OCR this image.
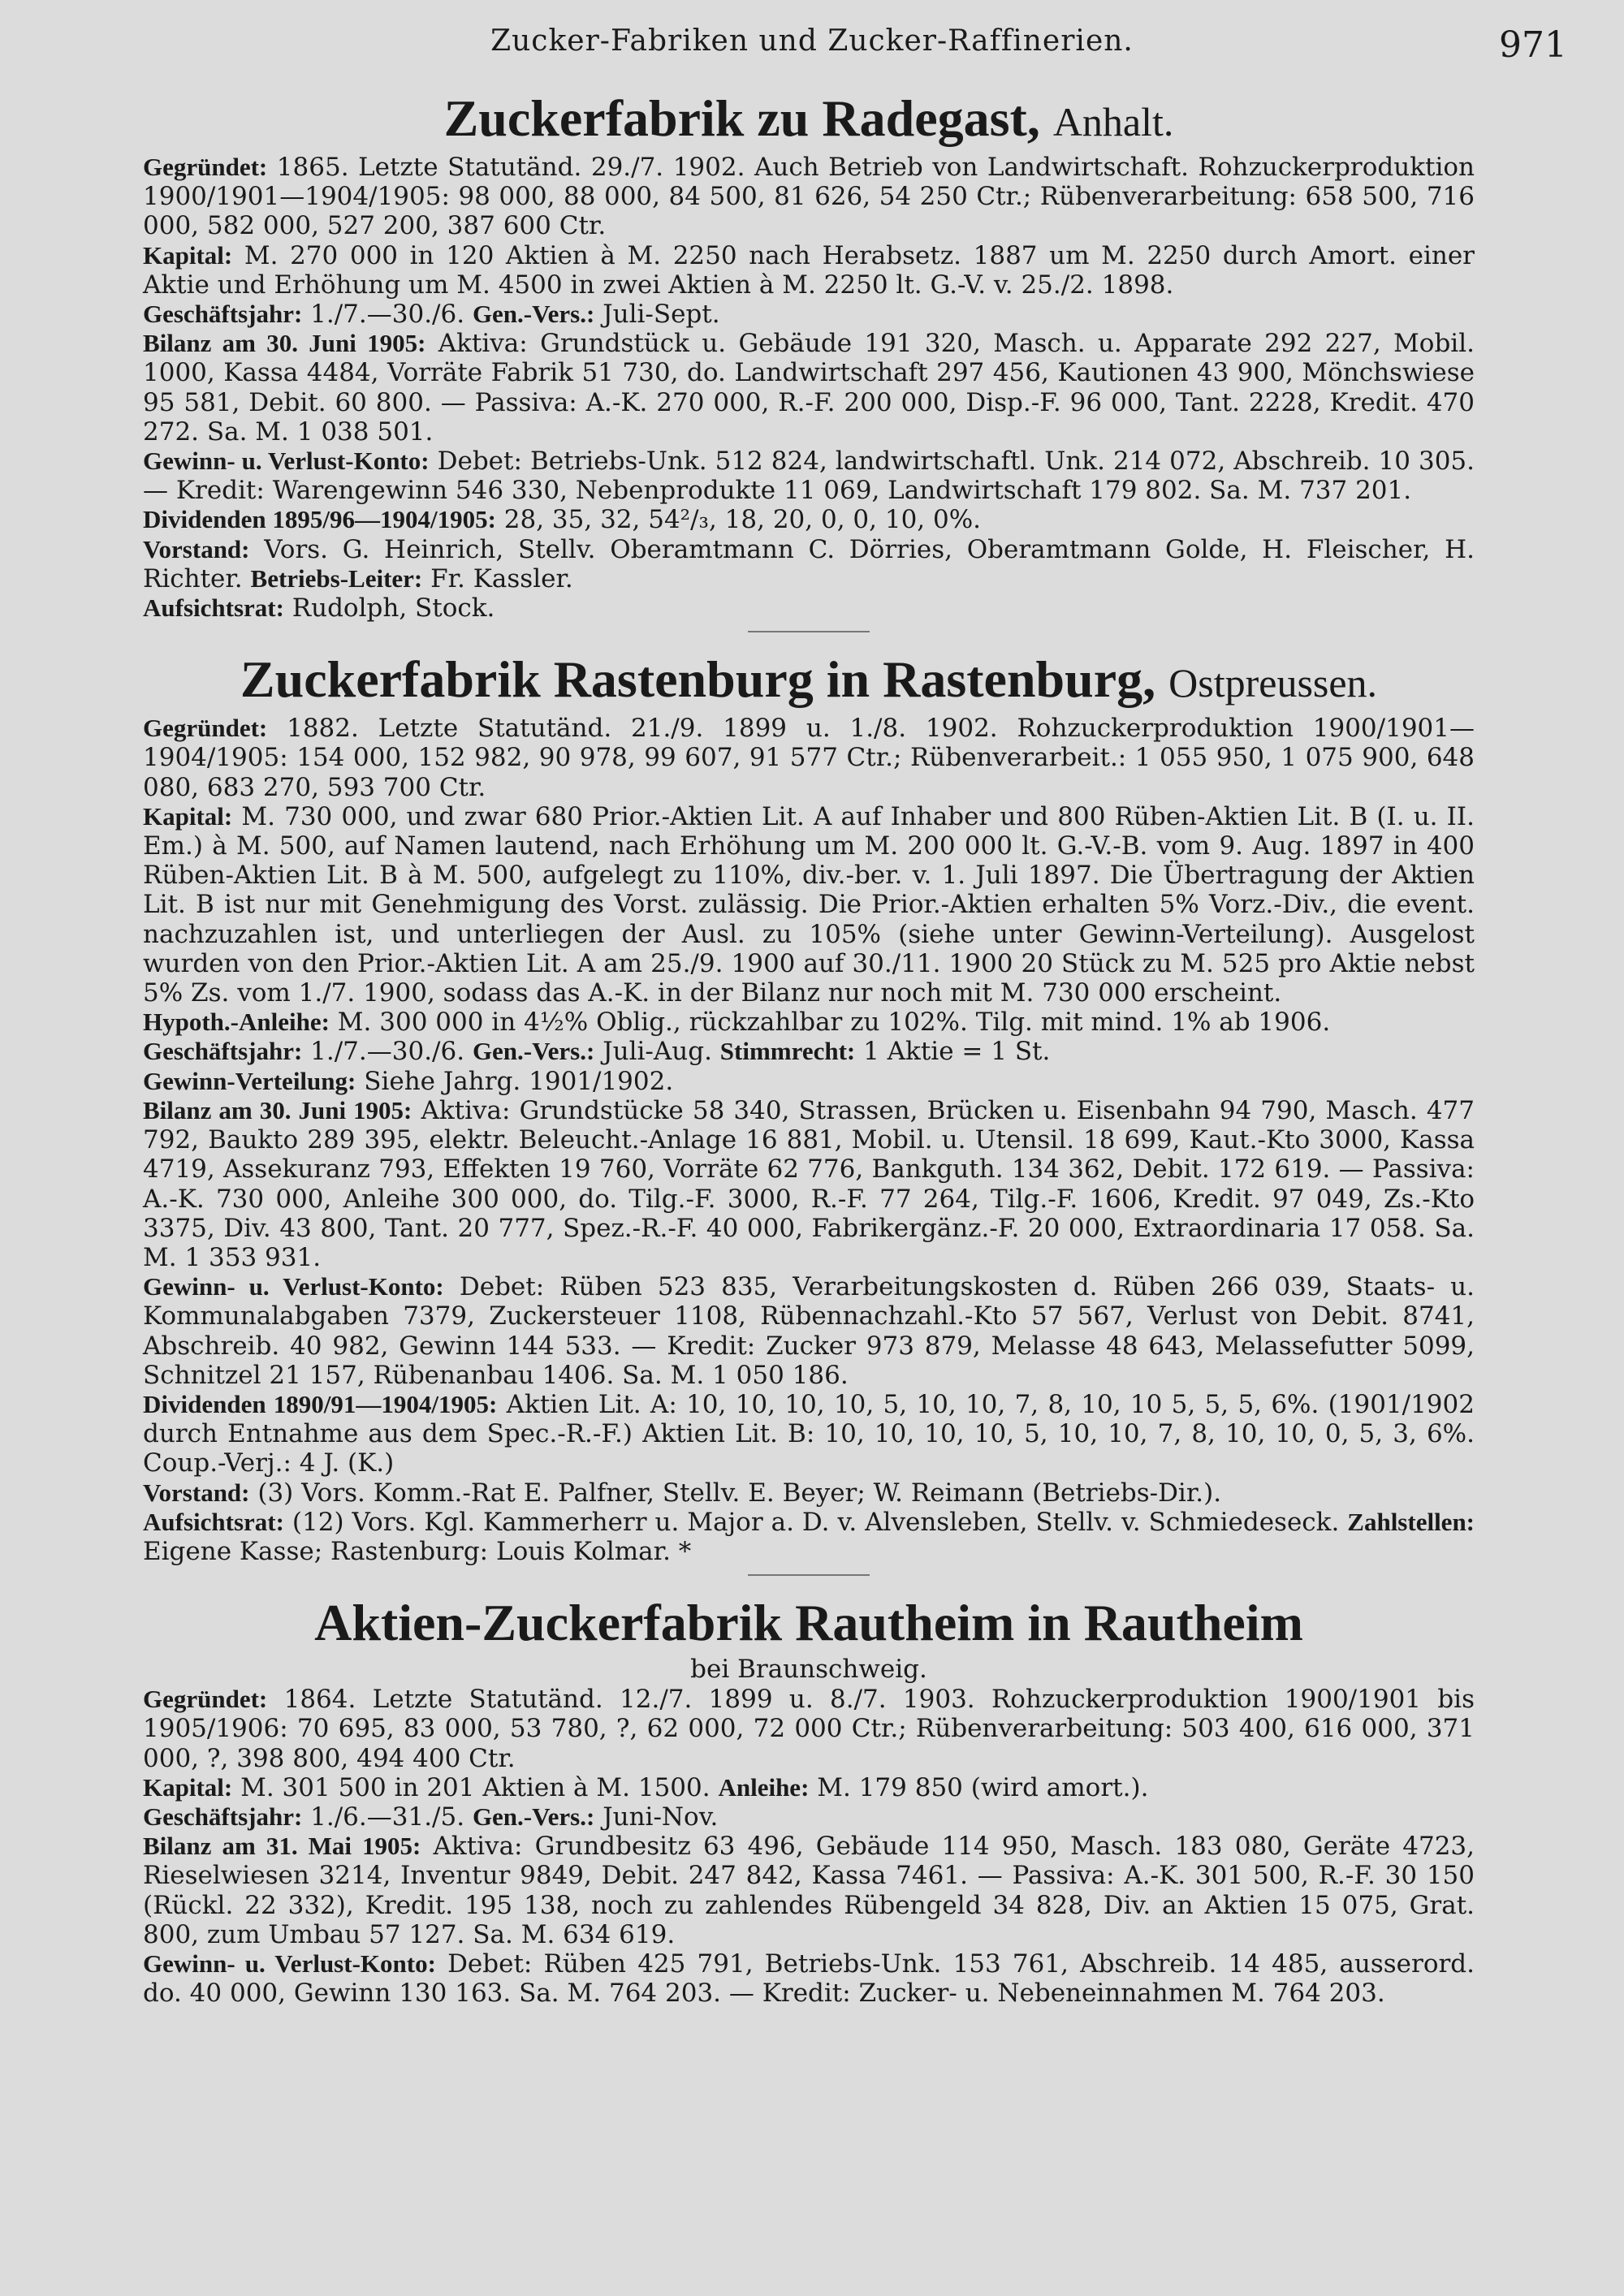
Zucker-Fabriken und Zucker-Raffinerien.	971
Zuckerfabrik zu Radegast, Anhalt.

Gegründet: 1865. Letzte Statutänd. 29./7. 1902. Auch Betrieb von Landwirtschaft. Rohzuckerproduktion 1900/1901—1904/1905: 98 000, 88 000, 84 500, 81 626, 54 250 Ctr.; Rübenverarbeitung: 658 500, 716 000, 582 000, 527 200, 387 600 Ctr.

Kapital: M. 270 000 in 120 Aktien à M. 2250 nach Herabsetz. 1887 um M. 2250 durch Amort. einer Aktie und Erhöhung um M. 4500 in zwei Aktien à M. 2250 lt. G.-V. v. 25./2. 1898.

Geschäftsjahr: 1./7.—30./6. Gen.-Vers.: Juli-Sept.

Bilanz am 30. Juni 1905: Aktiva: Grundstück u. Gebäude 191 320, Masch. u. Apparate 292 227, Mobil. 1000, Kassa 4484, Vorräte Fabrik 51 730, do. Landwirtschaft 297 456, Kautionen 43 900, Mönchswiese 95 581, Debit. 60 800. — Passiva: A.-K. 270 000, R.-F. 200 000, Disp.-F. 96 000, Tant. 2228, Kredit. 470 272. Sa. M. 1 038 501.

Gewinn- u. Verlust-Konto: Debet: Betriebs-Unk. 512 824, landwirtschaftl. Unk. 214 072, Abschreib. 10 305. — Kredit: Warengewinn 546 330, Nebenprodukte 11 069, Landwirtschaft 179 802. Sa. M. 737 201.

Dividenden 1895/96—1904/1905: 28, 35, 32, 54²/₃, 18, 20, 0, 0, 10, 0%.

Vorstand: Vors. G. Heinrich, Stellv. Oberamtmann C. Dörries, Oberamtmann Golde, H. Fleischer, H. Richter. Betriebs-Leiter: Fr. Kassler.

Aufsichtsrat: Rudolph, Stock.

Zuckerfabrik Rastenburg in Rastenburg, Ostpreussen.

Gegründet: 1882. Letzte Statutänd. 21./9. 1899 u. 1./8. 1902. Rohzuckerproduktion 1900/1901—1904/1905: 154 000, 152 982, 90 978, 99 607, 91 577 Ctr.; Rübenverarbeit.: 1 055 950, 1 075 900, 648 080, 683 270, 593 700 Ctr.

Kapital: M. 730 000, und zwar 680 Prior.-Aktien Lit. A auf Inhaber und 800 Rüben-Aktien Lit. B (I. u. II. Em.) à M. 500, auf Namen lautend, nach Erhöhung um M. 200 000 lt. G.-V.-B. vom 9. Aug. 1897 in 400 Rüben-Aktien Lit. B à M. 500, aufgelegt zu 110%, div.-ber. v. 1. Juli 1897. Die Übertragung der Aktien Lit. B ist nur mit Genehmigung des Vorst. zulässig. Die Prior.-Aktien erhalten 5% Vorz.-Div., die event. nachzuzahlen ist, und unterliegen der Ausl. zu 105% (siehe unter Gewinn-Verteilung). Ausgelost wurden von den Prior.-Aktien Lit. A am 25./9. 1900 auf 30./11. 1900 20 Stück zu M. 525 pro Aktie nebst 5% Zs. vom 1./7. 1900, sodass das A.-K. in der Bilanz nur noch mit M. 730 000 erscheint.

Hypoth.-Anleihe: M. 300 000 in 4½% Oblig., rückzahlbar zu 102%. Tilg. mit mind. 1% ab 1906.

Geschäftsjahr: 1./7.—30./6. Gen.-Vers.: Juli-Aug. Stimmrecht: 1 Aktie = 1 St.

Gewinn-Verteilung: Siehe Jahrg. 1901/1902.

Bilanz am 30. Juni 1905: Aktiva: Grundstücke 58 340, Strassen, Brücken u. Eisenbahn 94 790, Masch. 477 792, Baukto 289 395, elektr. Beleucht.-Anlage 16 881, Mobil. u. Utensil. 18 699, Kaut.-Kto 3000, Kassa 4719, Assekuranz 793, Effekten 19 760, Vorräte 62 776, Bankguth. 134 362, Debit. 172 619. — Passiva: A.-K. 730 000, Anleihe 300 000, do. Tilg.-F. 3000, R.-F. 77 264, Tilg.-F. 1606, Kredit. 97 049, Zs.-Kto 3375, Div. 43 800, Tant. 20 777, Spez.-R.-F. 40 000, Fabrikergänz.-F. 20 000, Extraordinaria 17 058. Sa. M. 1 353 931.

Gewinn- u. Verlust-Konto: Debet: Rüben 523 835, Verarbeitungskosten d. Rüben 266 039, Staats- u. Kommunalabgaben 7379, Zuckersteuer 1108, Rübennachzahl.-Kto 57 567, Verlust von Debit. 8741, Abschreib. 40 982, Gewinn 144 533. — Kredit: Zucker 973 879, Melasse 48 643, Melassefutter 5099, Schnitzel 21 157, Rübenanbau 1406. Sa. M. 1 050 186.

Dividenden 1890/91—1904/1905: Aktien Lit. A: 10, 10, 10, 10, 5, 10, 10, 7, 8, 10, 10 5, 5, 5, 6%. (1901/1902 durch Entnahme aus dem Spec.-R.-F.) Aktien Lit. B: 10, 10, 10, 10, 5, 10, 10, 7, 8, 10, 10, 0, 5, 3, 6%. Coup.-Verj.: 4 J. (K.)

Vorstand: (3) Vors. Komm.-Rat E. Palfner, Stellv. E. Beyer; W. Reimann (Betriebs-Dir.).

Aufsichtsrat: (12) Vors. Kgl. Kammerherr u. Major a. D. v. Alvensleben, Stellv. v. Schmiedeseck. Zahlstellen: Eigene Kasse; Rastenburg: Louis Kolmar. *

Aktien-Zuckerfabrik Rautheim in Rautheim
bei Braunschweig.

Gegründet: 1864. Letzte Statutänd. 12./7. 1899 u. 8./7. 1903. Rohzuckerproduktion 1900/1901 bis 1905/1906: 70 695, 83 000, 53 780, ?, 62 000, 72 000 Ctr.; Rübenverarbeitung: 503 400, 616 000, 371 000, ?, 398 800, 494 400 Ctr.

Kapital: M. 301 500 in 201 Aktien à M. 1500. Anleihe: M. 179 850 (wird amort.).

Geschäftsjahr: 1./6.—31./5. Gen.-Vers.: Juni-Nov.

Bilanz am 31. Mai 1905: Aktiva: Grundbesitz 63 496, Gebäude 114 950, Masch. 183 080, Geräte 4723, Rieselwiesen 3214, Inventur 9849, Debit. 247 842, Kassa 7461. — Passiva: A.-K. 301 500, R.-F. 30 150 (Rückl. 22 332), Kredit. 195 138, noch zu zahlendes Rübengeld 34 828, Div. an Aktien 15 075, Grat. 800, zum Umbau 57 127. Sa. M. 634 619.

Gewinn- u. Verlust-Konto: Debet: Rüben 425 791, Betriebs-Unk. 153 761, Abschreib. 14 485, ausserord. do. 40 000, Gewinn 130 163. Sa. M. 764 203. — Kredit: Zucker- u. Nebeneinnahmen M. 764 203.
